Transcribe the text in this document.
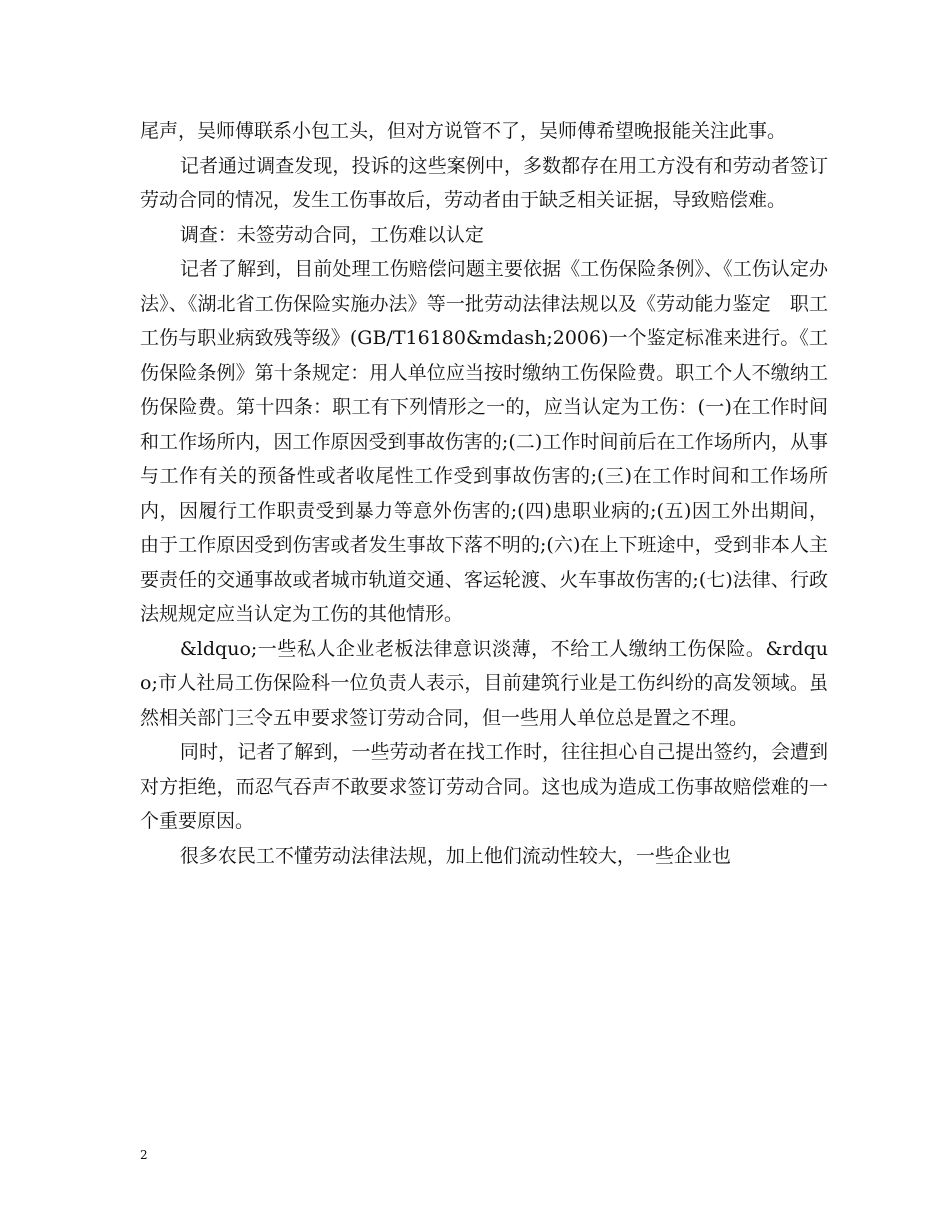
尾声，吴师傅联系小包工头，但对方说管不了，吴师傅希望晚报能关注此事。

记者通过调查发现，投诉的这些案例中，多数都存在用工方没有和劳动者签订劳动合同的情况，发生工伤事故后，劳动者由于缺乏相关证据，导致赔偿难。

调查：未签劳动合同，工伤难以认定

记者了解到，目前处理工伤赔偿问题主要依据《工伤保险条例》、《工伤认定办法》、《湖北省工伤保险实施办法》等一批劳动法律法规以及《劳动能力鉴定　职工工伤与职业病致残等级》(GB/T16180&mdash;2006)一个鉴定标准来进行。《工伤保险条例》第十条规定：用人单位应当按时缴纳工伤保险费。职工个人不缴纳工伤保险费。第十四条：职工有下列情形之一的，应当认定为工伤：(一)在工作时间和工作场所内，因工作原因受到事故伤害的;(二)工作时间前后在工作场所内，从事与工作有关的预备性或者收尾性工作受到事故伤害的;(三)在工作时间和工作场所内，因履行工作职责受到暴力等意外伤害的;(四)患职业病的;(五)因工外出期间，由于工作原因受到伤害或者发生事故下落不明的;(六)在上下班途中，受到非本人主要责任的交通事故或者城市轨道交通、客运轮渡、火车事故伤害的;(七)法律、行政法规规定应当认定为工伤的其他情形。

&ldquo;一些私人企业老板法律意识淡薄，不给工人缴纳工伤保险。&rdquo;市人社局工伤保险科一位负责人表示，目前建筑行业是工伤纠纷的高发领域。虽然相关部门三令五申要求签订劳动合同，但一些用人单位总是置之不理。

同时，记者了解到，一些劳动者在找工作时，往往担心自己提出签约，会遭到对方拒绝，而忍气吞声不敢要求签订劳动合同。这也成为造成工伤事故赔偿难的一个重要原因。

很多农民工不懂劳动法律法规，加上他们流动性较大，一些企业也

2
